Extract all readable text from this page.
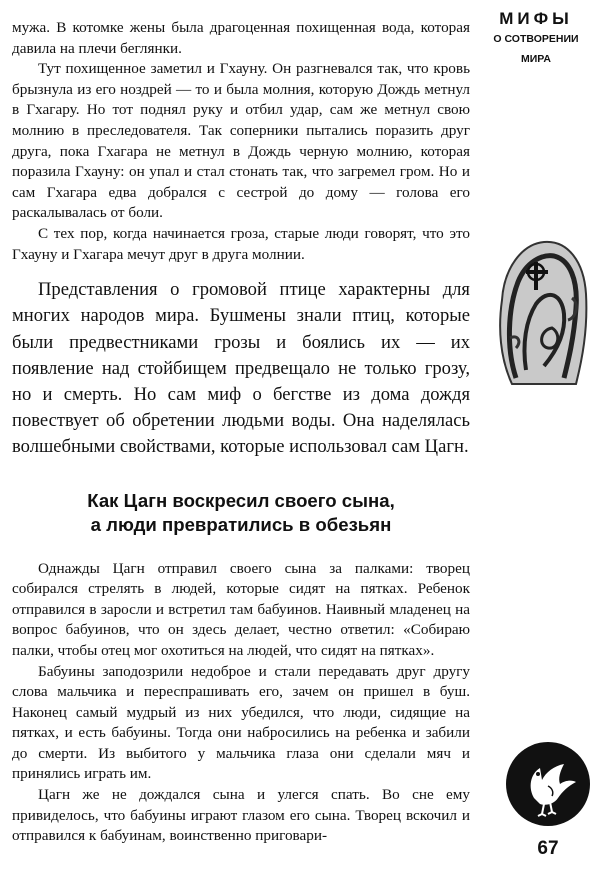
мужа. В котомке жены была драгоценная похищенная вода, которая давила на плечи беглянки.

Тут похищенное заметил и Гхауну. Он разгневался так, что кровь брызнула из его ноздрей — то и была молния, которую Дождь метнул в Гхагару. Но тот поднял руку и отбил удар, сам же метнул свою молнию в преследователя. Так соперники пытались поразить друг друга, пока Гхагара не метнул в Дождь черную молнию, которая поразила Гхауну: он упал и стал стонать так, что загремел гром. Но и сам Гхагара едва добрался с сестрой до дому — голова его раскалывалась от боли.

С тех пор, когда начинается гроза, старые люди говорят, что это Гхауну и Гхагара мечут друг в друга молнии.

Представления о громовой птице характерны для многих народов мира. Бушмены знали птиц, которые были предвестниками грозы и боялись их — их появление над стойбищем предвещало не только грозу, но и смерть. Но сам миф о бегстве из дома дождя повествует об обретении людьми воды. Она наделялась волшебными свойствами, которые использовал сам Цагн.

Как Цагн воскресил своего сына,
а люди превратились в обезьян

Однажды Цагн отправил своего сына за палками: творец собирался стрелять в людей, которые сидят на пятках. Ребенок отправился в заросли и встретил там бабуинов. Наивный младенец на вопрос бабуинов, что он здесь делает, честно ответил: «Собираю палки, чтобы отец мог охотиться на людей, что сидят на пятках».

Бабуины заподозрили недоброе и стали передавать друг другу слова мальчика и переспрашивать его, зачем он пришел в буш. Наконец самый мудрый из них убедился, что люди, сидящие на пятках, и есть бабуины. Тогда они набросились на ребенка и забили до смерти. Из выбитого у мальчика глаза они сделали мяч и принялись играть им.

Цагн же не дождался сына и улегся спать. Во сне ему привиделось, что бабуины играют глазом его сына. Творец вскочил и отправился к бабуинам, воинственно приговари-

МИФЫ
О СОТВОРЕНИИ
МИРА
67
